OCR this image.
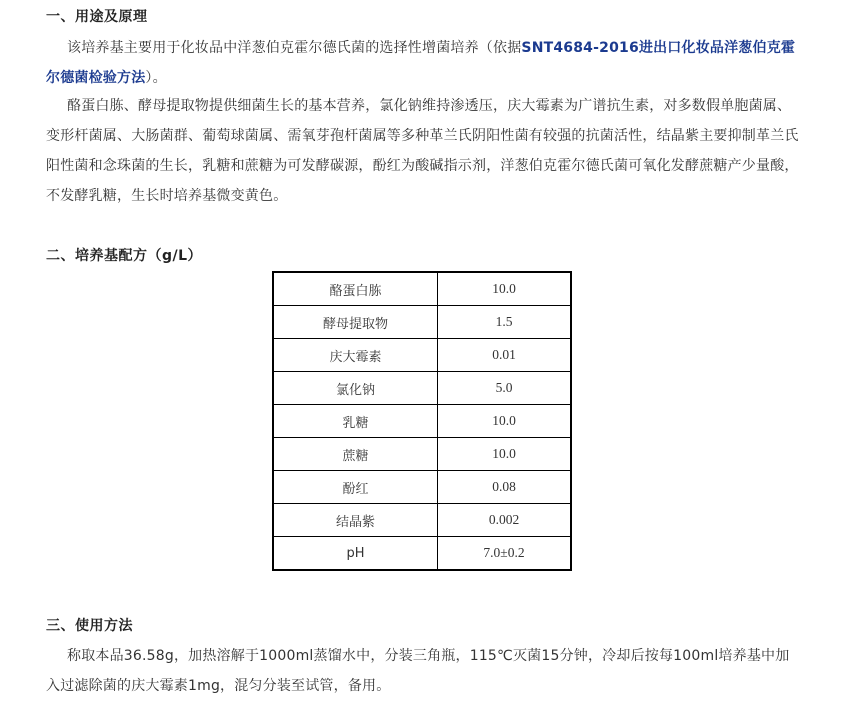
一、用途及原理

该培养基主要用于化妆品中洋葱伯克霍尔德氏菌的选择性增菌培养（依据SNT4684-2016进出口化妆品洋葱伯克霍尔德菌检验方法）。

酪蛋白胨、酵母提取物提供细菌生长的基本营养，氯化钠维持渗透压，庆大霉素为广谱抗生素，对多数假单胞菌属、变形杆菌属、大肠菌群、葡萄球菌属、需氧芽孢杆菌属等多种革兰氏阴阳性菌有较强的抗菌活性，结晶紫主要抑制革兰氏阳性菌和念珠菌的生长，乳糖和蔗糖为可发酵碳源，酚红为酸碱指示剂，洋葱伯克霍尔德氏菌可氧化发酵蔗糖产少量酸，不发酵乳糖，生长时培养基微变黄色。

二、培养基配方（g/L）
酪蛋白胨	10.0
酵母提取物	1.5
庆大霉素	0.01
氯化钠	5.0
乳糖	10.0
蔗糖	10.0
酚红	0.08
结晶紫	0.002
pH	7.0±0.2
三、使用方法

称取本品36.58g，加热溶解于1000ml蒸馏水中，分装三角瓶，115℃灭菌15分钟，冷却后按每100ml培养基中加入过滤除菌的庆大霉素1mg，混匀分装至试管，备用。
